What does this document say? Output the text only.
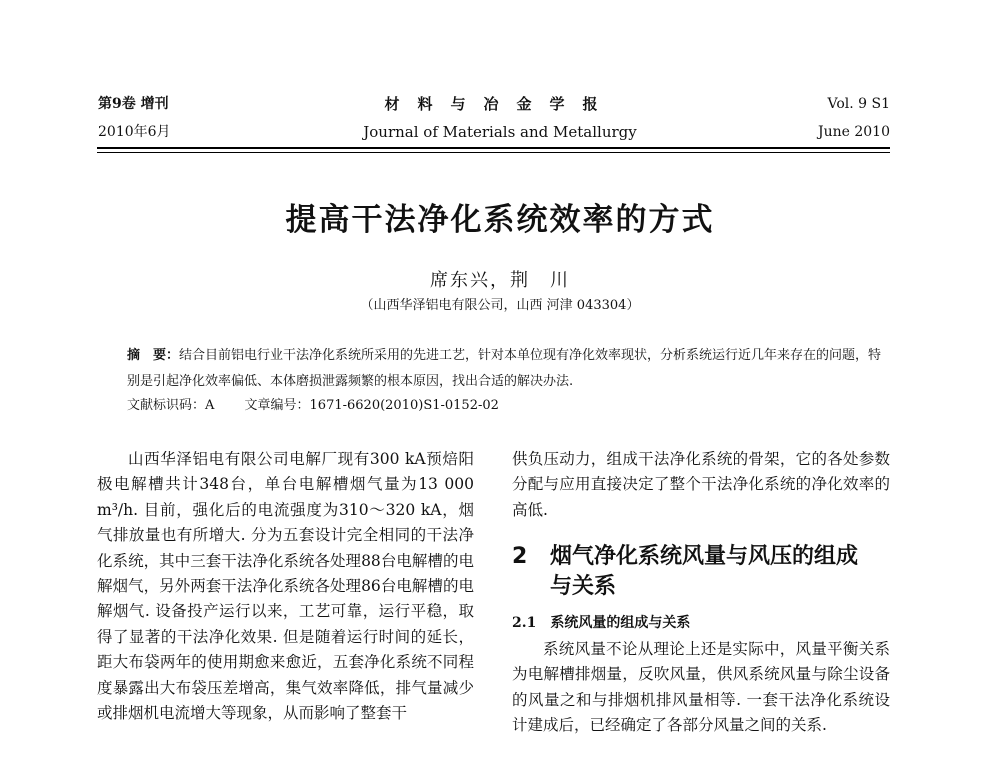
第9卷 增刊
2010年6月
材料与冶金学报
Journal of Materials and Metallurgy
Vol. 9 S1
June 2010
提高干法净化系统效率的方式
席东兴，荆　川
（山西华泽铝电有限公司，山西 河津 043304）
摘　要：结合目前铝电行业干法净化系统所采用的先进工艺，针对本单位现有净化效率现状，分析系统运行近几年来存在的问题，特别是引起净化效率偏低、本体磨损泄露频繁的根本原因，找出合适的解决办法.
文献标识码：A 文章编号：1671-6620(2010)S1-0152-02
山西华泽铝电有限公司电解厂现有300 kA预焙阳极电解槽共计348台，单台电解槽烟气量为13 000 m³/h. 目前，强化后的电流强度为310～320 kA，烟气排放量也有所增大. 分为五套设计完全相同的干法净化系统，其中三套干法净化系统各处理88台电解槽的电解烟气，另外两套干法净化系统各处理86台电解槽的电解烟气. 设备投产运行以来，工艺可靠，运行平稳，取得了显著的干法净化效果. 但是随着运行时间的延长，距大布袋两年的使用期愈来愈近，五套净化系统不同程度暴露出大布袋压差增高，集气效率降低，排气量减少或排烟机电流增大等现象，从而影响了整套干
供负压动力，组成干法净化系统的骨架，它的各处参数分配与应用直接决定了整个干法净化系统的净化效率的高低.
2 烟气净化系统风量与风压的组成
与关系
2.1 系统风量的组成与关系
系统风量不论从理论上还是实际中，风量平衡关系为电解槽排烟量，反吹风量，供风系统风量与除尘设备的风量之和与排烟机排风量相等. 一套干法净化系统设计建成后，已经确定了各部分风量之间的关系.
